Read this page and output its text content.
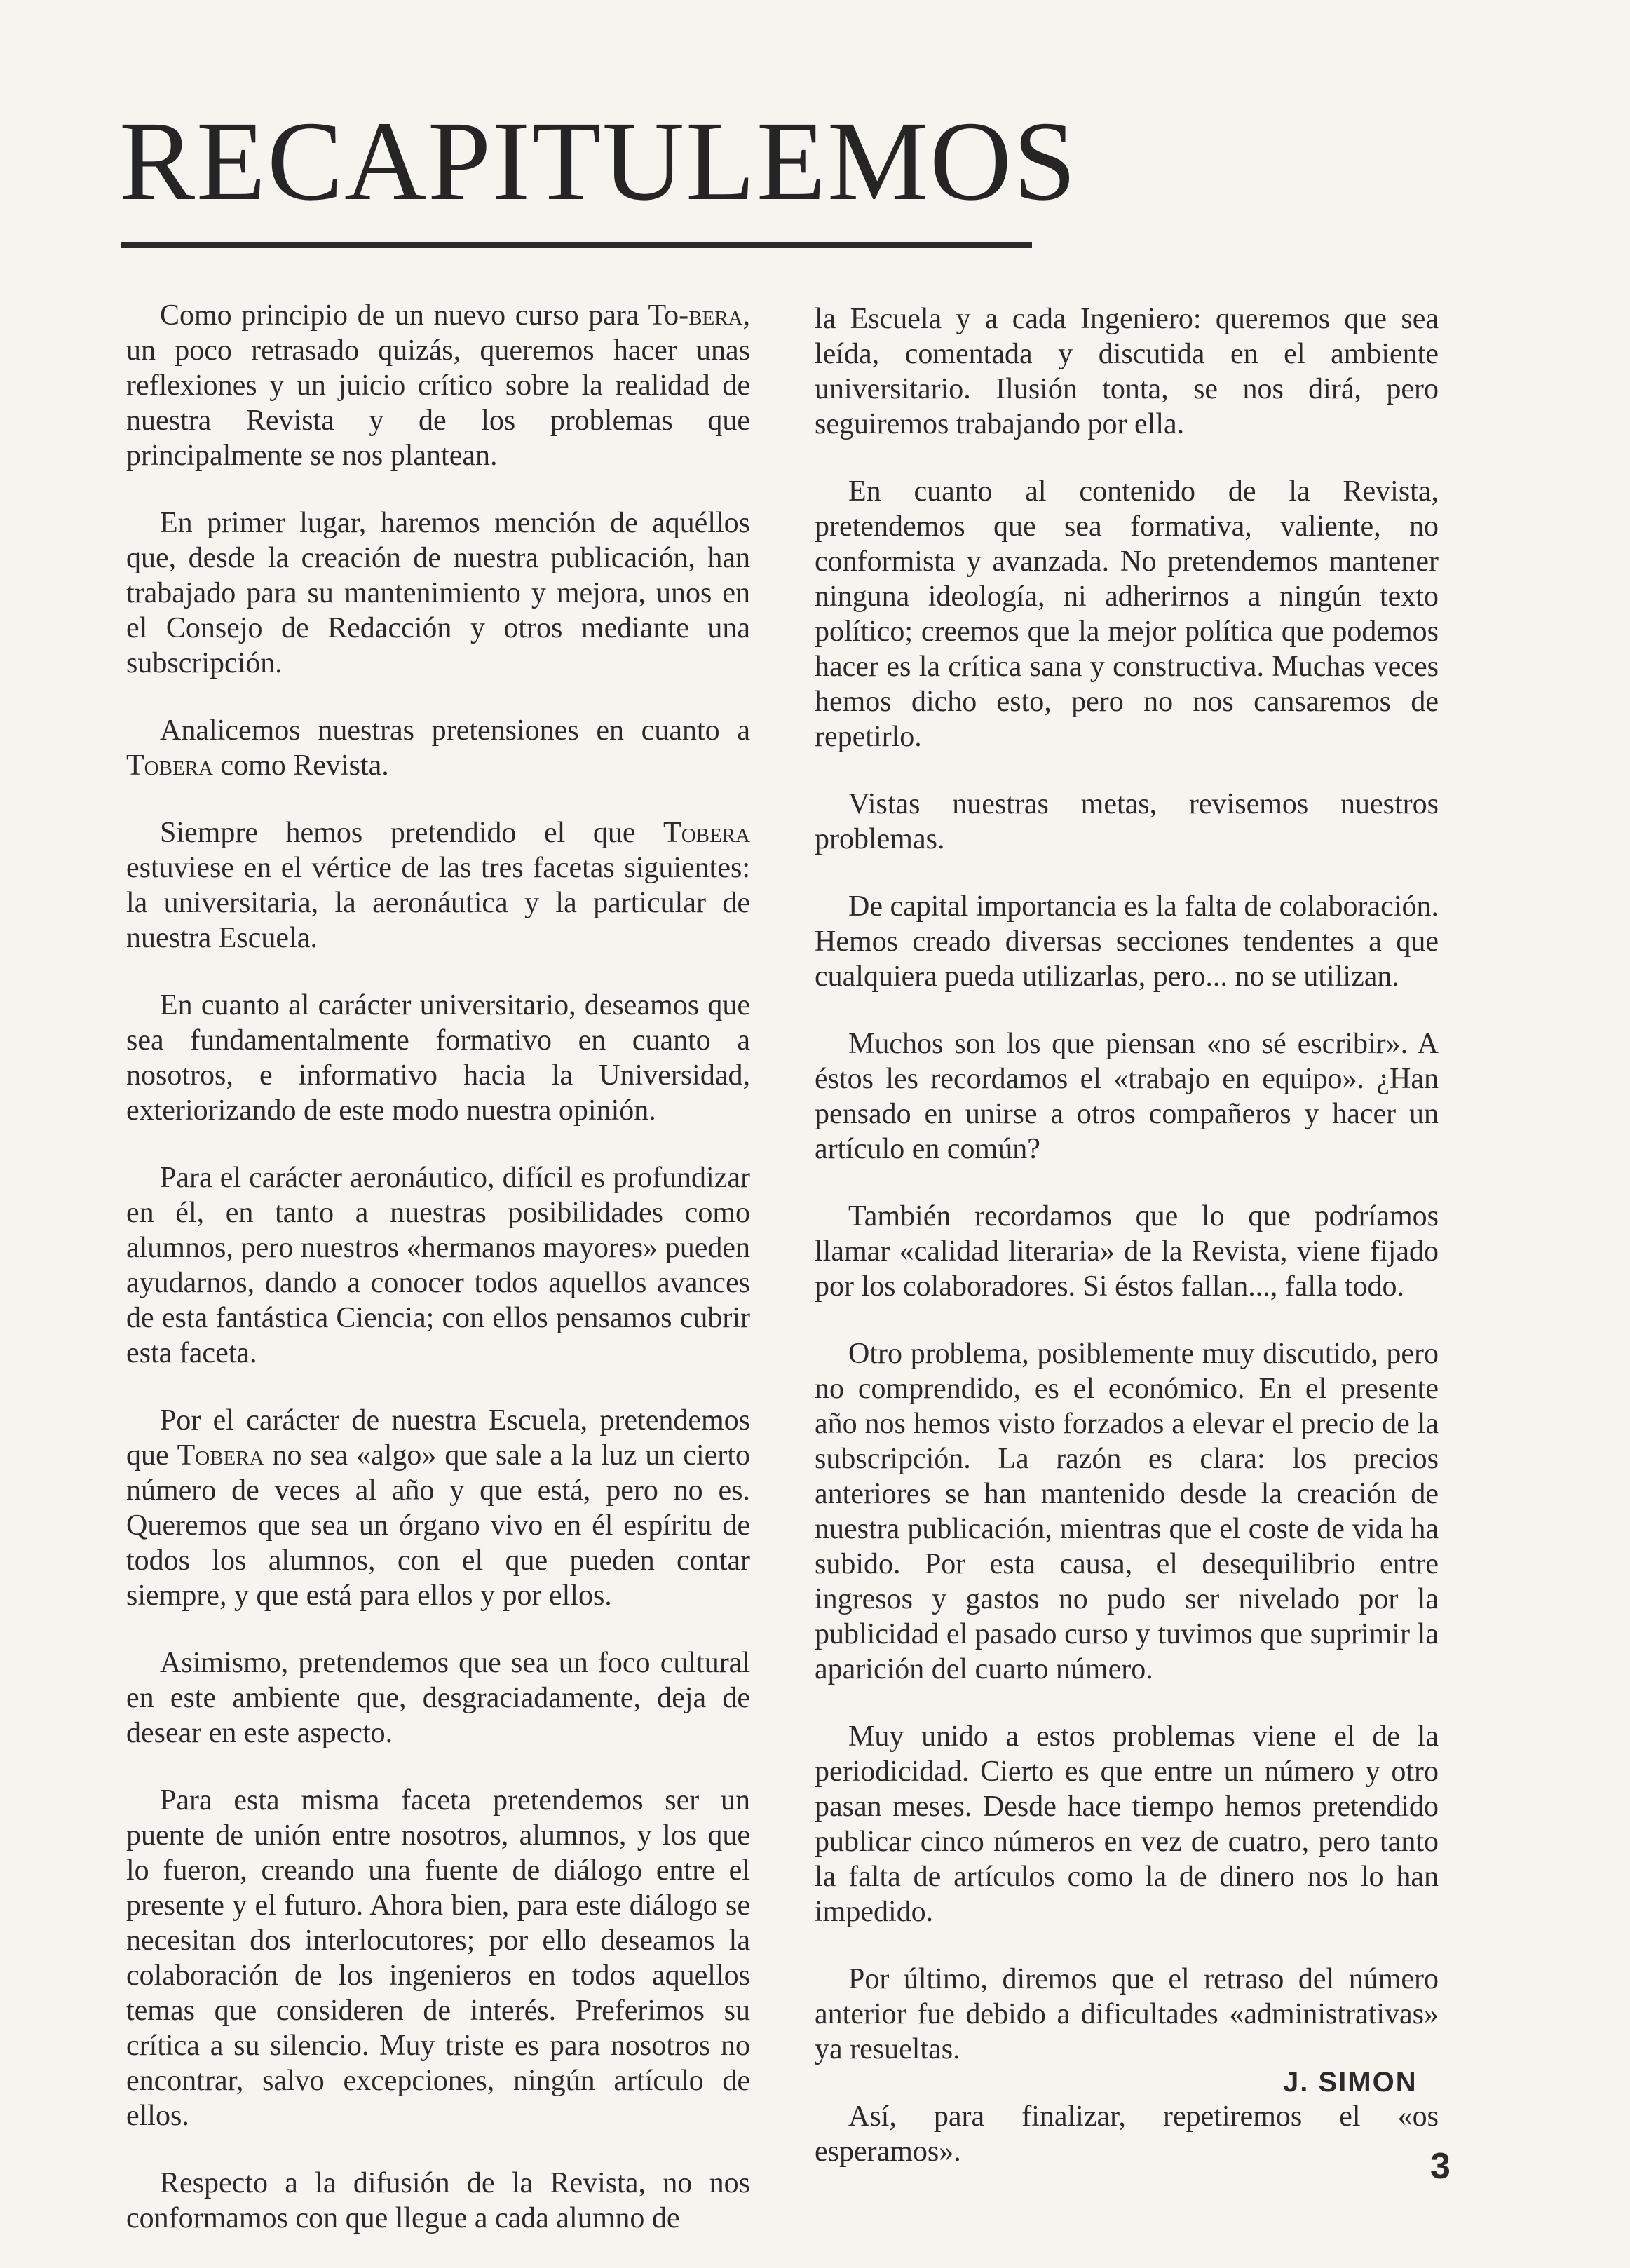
RECAPITULEMOS

Como principio de un nuevo curso para To-bera, un poco retrasado quizás, queremos hacer unas reflexiones y un juicio crítico sobre la realidad de nuestra Revista y de los problemas que principalmente se nos plantean.

En primer lugar, haremos mención de aquéllos que, desde la creación de nuestra publicación, han trabajado para su mantenimiento y mejora, unos en el Consejo de Redacción y otros mediante una subscripción.

Analicemos nuestras pretensiones en cuanto a Tobera como Revista.

Siempre hemos pretendido el que Tobera estuviese en el vértice de las tres facetas siguientes: la universitaria, la aeronáutica y la particular de nuestra Escuela.

En cuanto al carácter universitario, deseamos que sea fundamentalmente formativo en cuanto a nosotros, e informativo hacia la Universidad, exteriorizando de este modo nuestra opinión.

Para el carácter aeronáutico, difícil es profundizar en él, en tanto a nuestras posibilidades como alumnos, pero nuestros «hermanos mayores» pueden ayudarnos, dando a conocer todos aquellos avances de esta fantástica Ciencia; con ellos pensamos cubrir esta faceta.

Por el carácter de nuestra Escuela, pretendemos que Tobera no sea «algo» que sale a la luz un cierto número de veces al año y que está, pero no es. Queremos que sea un órgano vivo en él espíritu de todos los alumnos, con el que pueden contar siempre, y que está para ellos y por ellos.

Asimismo, pretendemos que sea un foco cultural en este ambiente que, desgraciadamente, deja de desear en este aspecto.

Para esta misma faceta pretendemos ser un puente de unión entre nosotros, alumnos, y los que lo fueron, creando una fuente de diálogo entre el presente y el futuro. Ahora bien, para este diálogo se necesitan dos interlocutores; por ello deseamos la colaboración de los ingenieros en todos aquellos temas que consideren de interés. Preferimos su crítica a su silencio. Muy triste es para nosotros no encontrar, salvo excepciones, ningún artículo de ellos.

Respecto a la difusión de la Revista, no nos conformamos con que llegue a cada alumno de

la Escuela y a cada Ingeniero: queremos que sea leída, comentada y discutida en el ambiente universitario. Ilusión tonta, se nos dirá, pero seguiremos trabajando por ella.

En cuanto al contenido de la Revista, pretendemos que sea formativa, valiente, no conformista y avanzada. No pretendemos mantener ninguna ideología, ni adherirnos a ningún texto político; creemos que la mejor política que podemos hacer es la crítica sana y constructiva. Muchas veces hemos dicho esto, pero no nos cansaremos de repetirlo.

Vistas nuestras metas, revisemos nuestros problemas.

De capital importancia es la falta de colaboración. Hemos creado diversas secciones tendentes a que cualquiera pueda utilizarlas, pero... no se utilizan.

Muchos son los que piensan «no sé escribir». A éstos les recordamos el «trabajo en equipo». ¿Han pensado en unirse a otros compañeros y hacer un artículo en común?

También recordamos que lo que podríamos llamar «calidad literaria» de la Revista, viene fijado por los colaboradores. Si éstos fallan..., falla todo.

Otro problema, posiblemente muy discutido, pero no comprendido, es el económico. En el presente año nos hemos visto forzados a elevar el precio de la subscripción. La razón es clara: los precios anteriores se han mantenido desde la creación de nuestra publicación, mientras que el coste de vida ha subido. Por esta causa, el desequilibrio entre ingresos y gastos no pudo ser nivelado por la publicidad el pasado curso y tuvimos que suprimir la aparición del cuarto número.

Muy unido a estos problemas viene el de la periodicidad. Cierto es que entre un número y otro pasan meses. Desde hace tiempo hemos pretendido publicar cinco números en vez de cuatro, pero tanto la falta de artículos como la de dinero nos lo han impedido.

Por último, diremos que el retraso del número anterior fue debido a dificultades «administrativas» ya resueltas.

Así, para finalizar, repetiremos el «os esperamos».

J. SIMON
3
